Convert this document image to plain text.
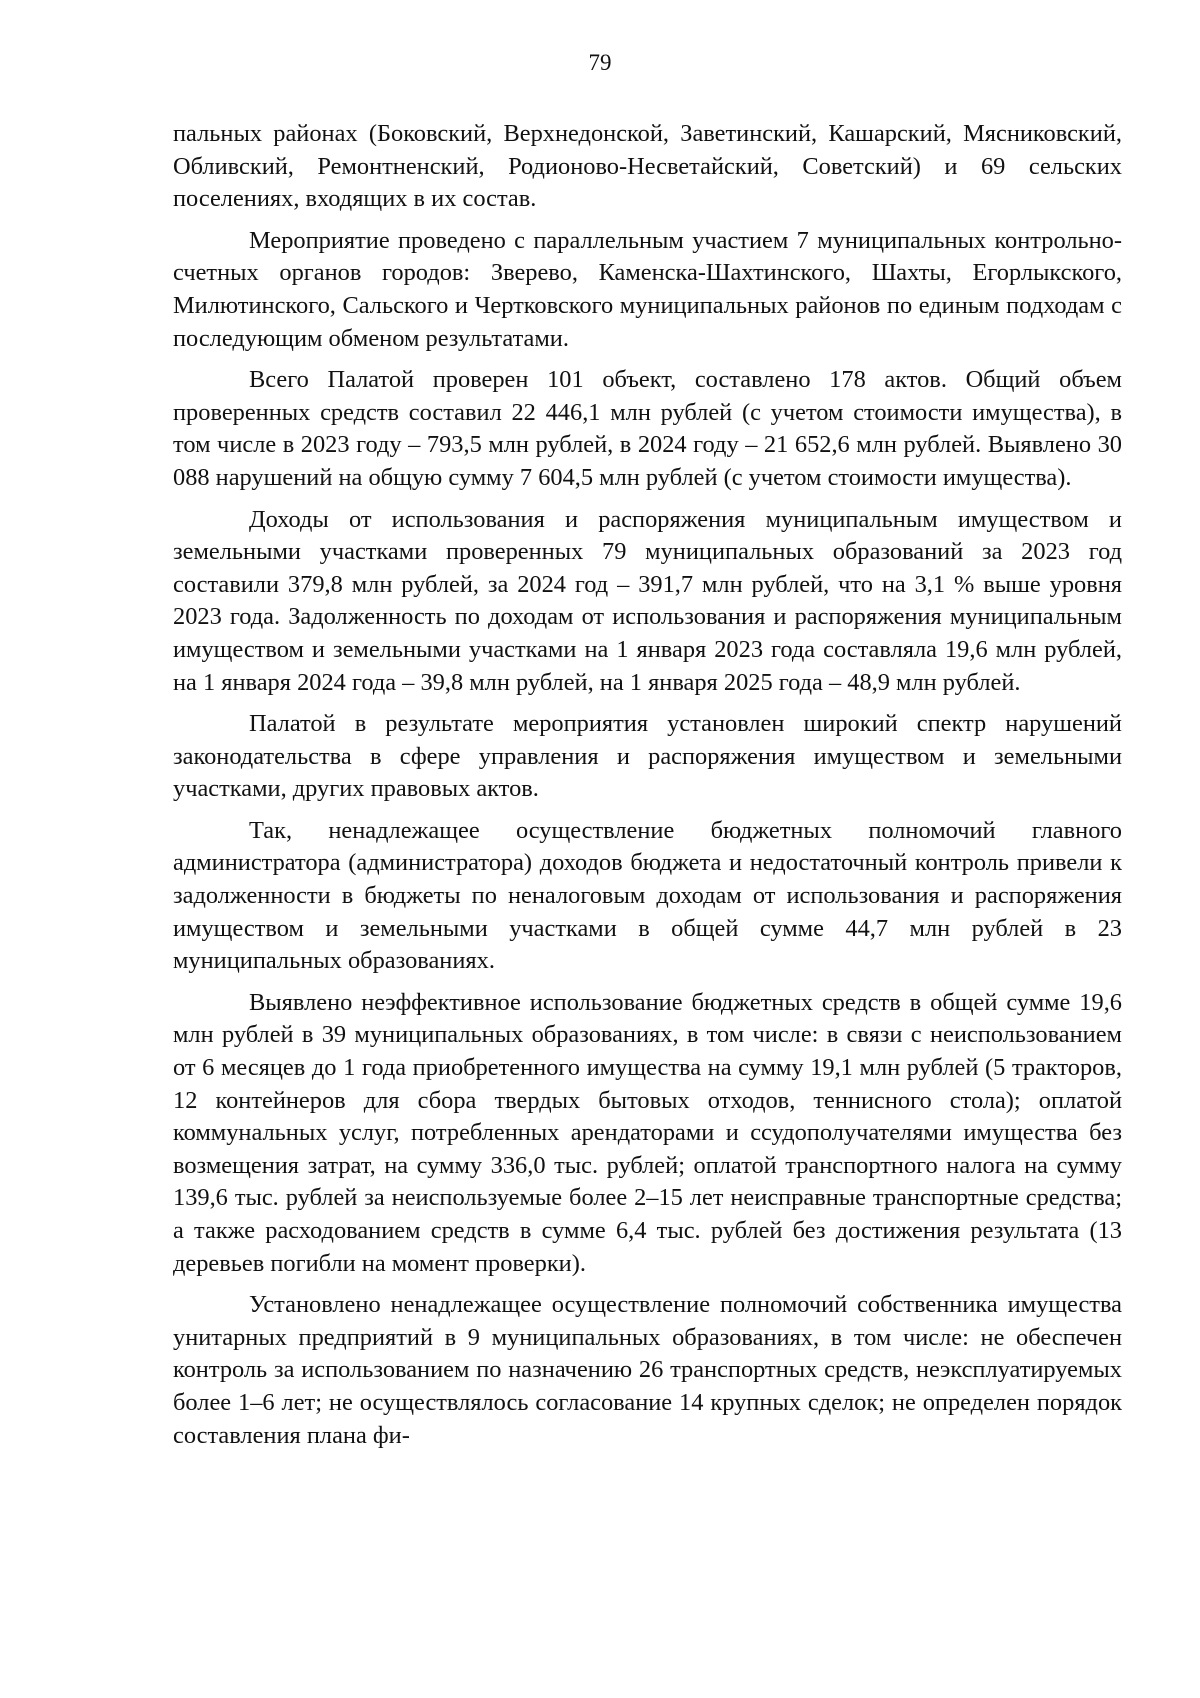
79

пальных районах (Боковский, Верхнедонской, Заветинский, Кашарский, Мясниковский, Обливский, Ремонтненский, Родионово-Несветайский, Советский) и 69 сельских поселениях, входящих в их состав.

Мероприятие проведено с параллельным участием 7 муниципальных контрольно-счетных органов городов: Зверево, Каменска-Шахтинского, Шахты, Егорлыкского, Милютинского, Сальского и Чертковского муниципальных районов по единым подходам с последующим обменом результатами.

Всего Палатой проверен 101 объект, составлено 178 актов. Общий объем проверенных средств составил 22 446,1 млн рублей (с учетом стоимости имущества), в том числе в 2023 году – 793,5 млн рублей, в 2024 году – 21 652,6 млн рублей. Выявлено 30 088 нарушений на общую сумму 7 604,5 млн рублей (с учетом стоимости имущества).

Доходы от использования и распоряжения муниципальным имуществом и земельными участками проверенных 79 муниципальных образований за 2023 год составили 379,8 млн рублей, за 2024 год – 391,7 млн рублей, что на 3,1 % выше уровня 2023 года. Задолженность по доходам от использования и распоряжения муниципальным имуществом и земельными участками на 1 января 2023 года составляла 19,6 млн рублей, на 1 января 2024 года – 39,8 млн рублей, на 1 января 2025 года – 48,9 млн рублей.

Палатой в результате мероприятия установлен широкий спектр нарушений законодательства в сфере управления и распоряжения имуществом и земельными участками, других правовых актов.

Так, ненадлежащее осуществление бюджетных полномочий главного администратора (администратора) доходов бюджета и недостаточный контроль привели к задолженности в бюджеты по неналоговым доходам от использования и распоряжения имуществом и земельными участками в общей сумме 44,7 млн рублей в 23 муниципальных образованиях.

Выявлено неэффективное использование бюджетных средств в общей сумме 19,6 млн рублей в 39 муниципальных образованиях, в том числе: в связи с неиспользованием от 6 месяцев до 1 года приобретенного имущества на сумму 19,1 млн рублей (5 тракторов, 12 контейнеров для сбора твердых бытовых отходов, теннисного стола); оплатой коммунальных услуг, потребленных арендаторами и ссудополучателями имущества без возмещения затрат, на сумму 336,0 тыс. рублей; оплатой транспортного налога на сумму 139,6 тыс. рублей за неиспользуемые более 2–15 лет неисправные транспортные средства; а также расходованием средств в сумме 6,4 тыс. рублей без достижения результата (13 деревьев погибли на момент проверки).

Установлено ненадлежащее осуществление полномочий собственника имущества унитарных предприятий в 9 муниципальных образованиях, в том числе: не обеспечен контроль за использованием по назначению 26 транспортных средств, неэксплуатируемых более 1–6 лет; не осуществлялось согласование 14 крупных сделок; не определен порядок составления плана фи-
